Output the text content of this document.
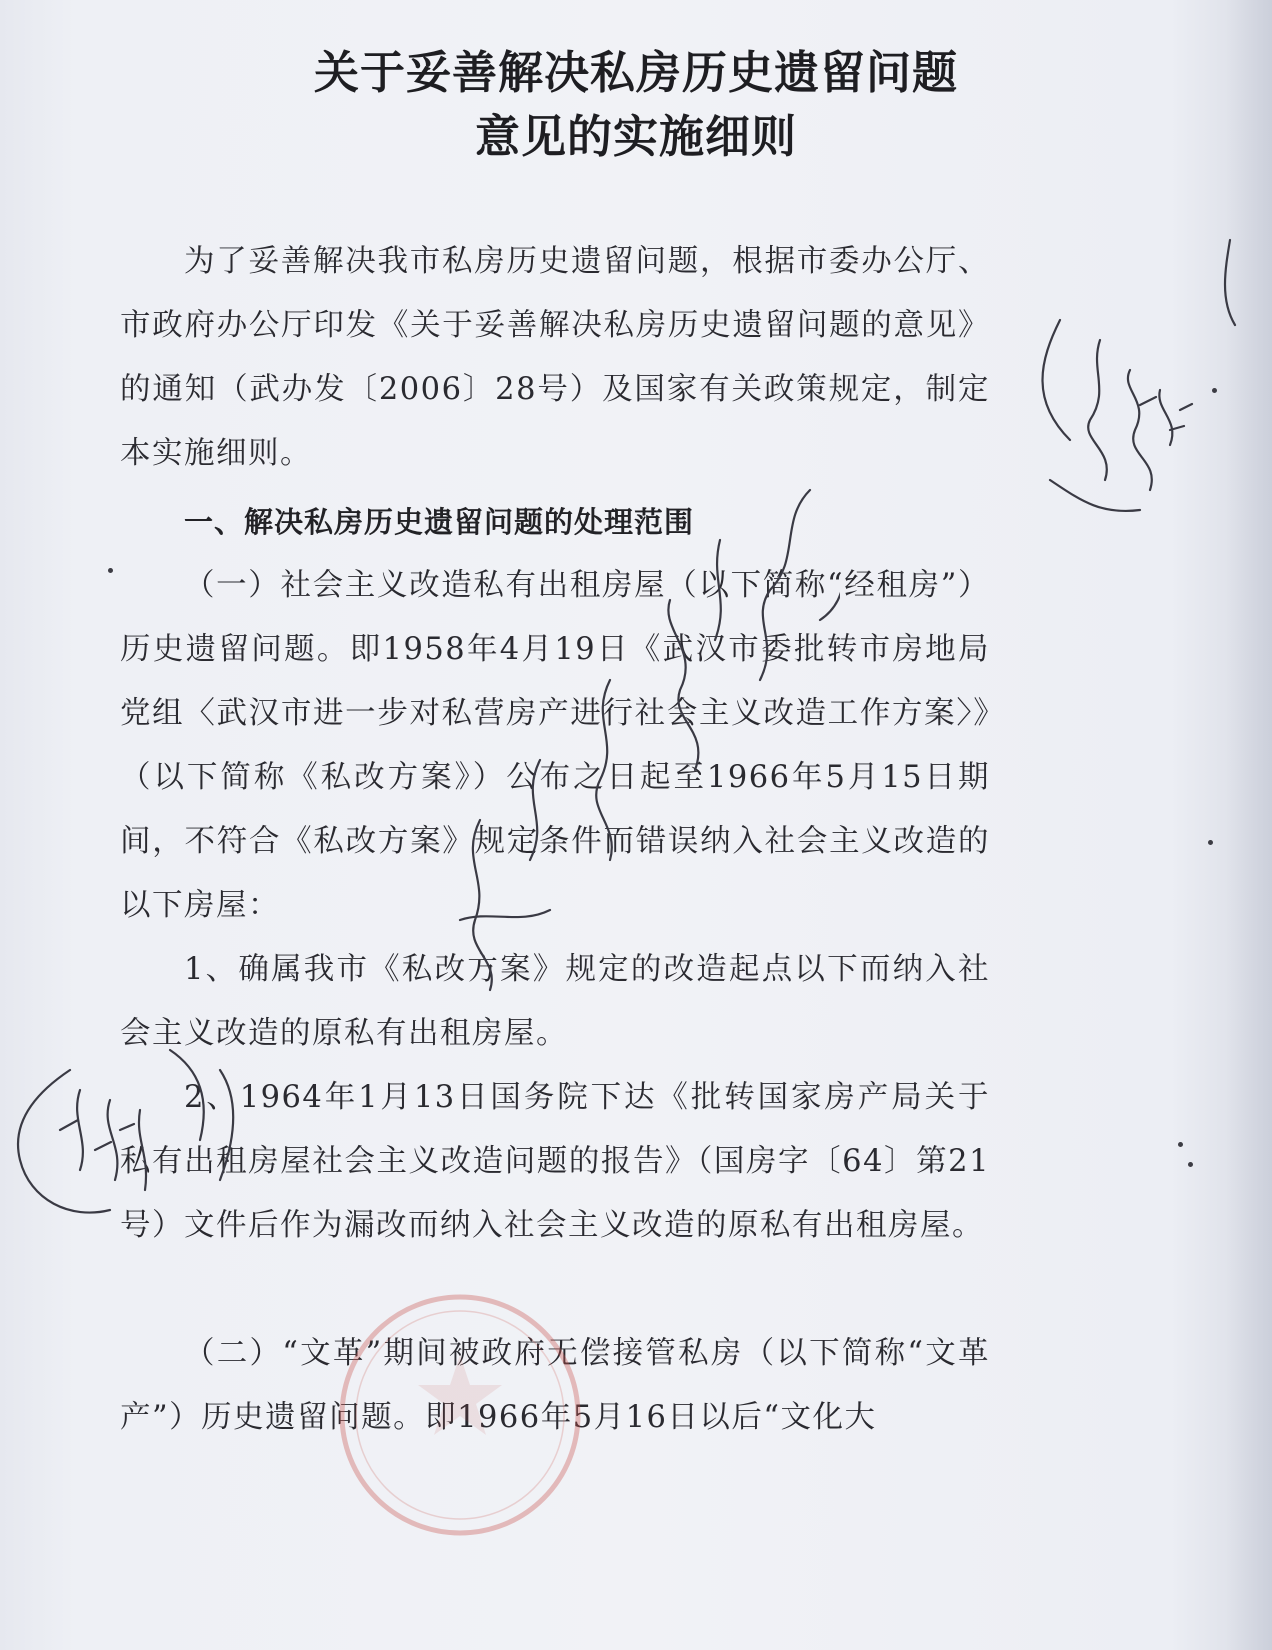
关于妥善解决私房历史遗留问题
意见的实施细则

为了妥善解决我市私房历史遗留问题，根据市委办公厅、市政府办公厅印发《关于妥善解决私房历史遗留问题的意见》的通知（武办发〔2006〕28号）及国家有关政策规定，制定本实施细则。

一、解决私房历史遗留问题的处理范围

（一）社会主义改造私有出租房屋（以下简称“经租房”）历史遗留问题。即1958年4月19日《武汉市委批转市房地局党组〈武汉市进一步对私营房产进行社会主义改造工作方案〉》（以下简称《私改方案》）公布之日起至1966年5月15日期间，不符合《私改方案》规定条件而错误纳入社会主义改造的以下房屋：

1、确属我市《私改方案》规定的改造起点以下而纳入社会主义改造的原私有出租房屋。

2、1964年1月13日国务院下达《批转国家房产局关于私有出租房屋社会主义改造问题的报告》（国房字〔64〕第21号）文件后作为漏改而纳入社会主义改造的原私有出租房屋。

（二）“文革”期间被政府无偿接管私房（以下简称“文革产”）历史遗留问题。即1966年5月16日以后“文化大
